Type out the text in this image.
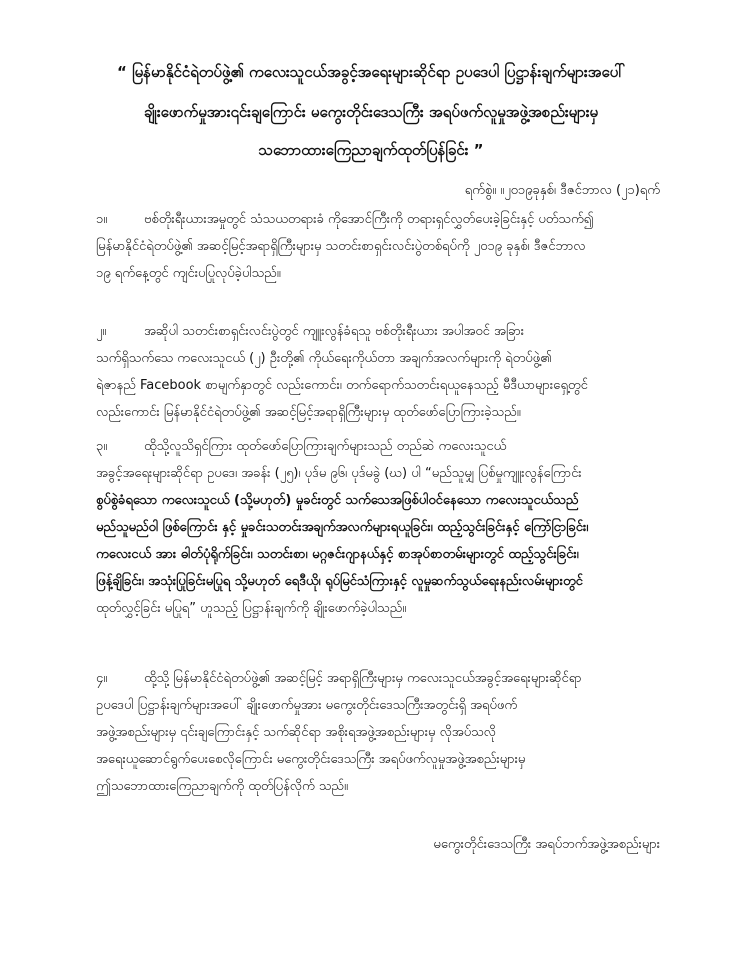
“ မြန်မာနိုင်ငံရဲတပ်ဖွဲ့၏ ကလေးသူငယ်အခွင့်အရေးများဆိုင်ရာ ဥပဒေပါ ပြဋ္ဌာန်းချက်များအပေါ်
ချိုးဖောက်မှုအား၎င်းချကြောင်း မကွေးတိုင်းဒေသကြီး အရပ်ဖက်လူမှုအဖွဲ့အစည်းများမှ
သဘောထားကြေညာချက်ထုတ်ပြန်ခြင်း ”
ရက်စွဲ။ ။၂၀၁၉ခုနှစ်၊ ဒီဇင်ဘာလ (၂၁)ရက်
၁။	ဗစ်တိုးရီးယားအမှုတွင် သံသယတရားခံ ကိုအောင်ကြီးကို တရားရှင်လွှတ်ပေးခဲ့ခြင်းနှင့် ပတ်သက်၍
မြန်မာနိုင်ငံရဲတပ်ဖွဲ့၏ အဆင့်မြင့်အရာရှိကြီးများမှ သတင်းစာရှင်းလင်းပွဲတစ်ရပ်ကို ၂၀၁၉ ခုနှစ်၊ ဒီဇင်ဘာလ
၁၉ ရက်နေ့တွင် ကျင်းပပြုလုပ်ခဲ့ပါသည်။
၂။	အဆိုပါ သတင်းစာရှင်းလင်းပွဲတွင် ကျူးလွန်ခံရသူ ဗစ်တိုးရီးယား အပါအဝင် အခြား
သက်ရှိသက်သေ ကလေးသူငယ် (၂) ဦးတို့၏ ကိုယ်ရေးကိုယ်တာ အချက်အလက်များကို ရဲတပ်ဖွဲ့၏
ရဲဇာနည် Facebook စာမျက်နှာတွင် လည်းကောင်း၊ တက်ရောက်သတင်းရယူနေသည့် မီဒီယာများရှေ့တွင်
လည်းကောင်း မြန်မာနိုင်ငံရဲတပ်ဖွဲ့၏ အဆင့်မြင့်အရာရှိကြီးများမှ ထုတ်ဖော်ပြောကြားခဲ့သည်။
၃။	ထိုသို့လူသိရှင်ကြား ထုတ်ဖော်ပြောကြားချက်များသည် တည်ဆဲ ကလေးသူငယ်
အခွင့်အရေးများဆိုင်ရာ ဥပဒေ၊ အခန်း (၂၅)၊ ပုဒ်မ ၉၆၊ ပုဒ်မခွဲ (ဃ) ပါ “မည်သူမျှ ပြစ်မှုကျူးလွန်ကြောင်း
စွပ်စွဲခံရသော ကလေးသူငယ် (သို့မဟုတ်) မှုခင်းတွင် သက်သေအဖြစ်ပါဝင်နေသော ကလေးသူငယ်သည်
မည်သူမည်ဝါ ဖြစ်ကြောင်း နှင့် မှုခင်းသတင်းအချက်အလက်များရယူခြင်း၊ ထည့်သွင်းခြင်းနှင့် ကြော်ငြာခြင်း၊
ကလေးငယ် အား ဓါတ်ပုံရိုက်ခြင်း၊ သတင်းစာ၊ မဂ္ဂဇင်းဂျာနယ်နှင့် စာအုပ်စာတမ်းများတွင် ထည့်သွင်းခြင်း၊
ဖြန့်ချိခြင်း၊ အသုံးပြုခြင်းမပြုရ သို့မဟုတ် ရေဒီယို၊ ရုပ်မြင်သံကြားနှင့် လူမှုဆက်သွယ်ရေးနည်းလမ်းများတွင်
ထုတ်လွှင့်ခြင်း မပြုရ” ဟူသည့် ပြဋ္ဌာန်းချက်ကို ချိုးဖောက်ခဲ့ပါသည်။
၄။	ထို့သို့ မြန်မာနိုင်ငံရဲတပ်ဖွဲ့၏ အဆင့်မြင့် အရာရှိကြီးများမှ ကလေးသူငယ်အခွင့်အရေးများဆိုင်ရာ
ဥပဒေပါ ပြဋ္ဌာန်းချက်များအပေါ် ချိုးဖောက်မှုအား မကွေးတိုင်းဒေသကြီးအတွင်းရှိ အရပ်ဖက်
အဖွဲ့အစည်းများမှ ၎င်းချကြောင်းနှင့် သက်ဆိုင်ရာ အစိုးရအဖွဲ့အစည်းများမှ လိုအပ်သလို
အရေးယူဆောင်ရွက်ပေးစေလိုကြောင်း မကွေးတိုင်းဒေသကြီး အရပ်ဖက်လူမှုအဖွဲ့အစည်းများမှ
ဤသဘောထားကြေညာချက်ကို ထုတ်ပြန်လိုက် သည်။
မကွေးတိုင်းဒေသကြီး အရပ်ဘက်အဖွဲ့အစည်းများ
